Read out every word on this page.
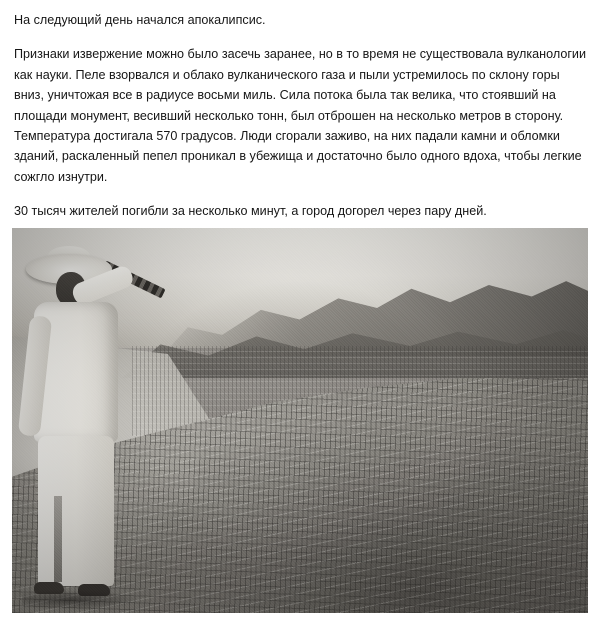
На следующий день начался апокалипсис.

Признаки извержение можно было засечь заранее, но в то время не существовала вулканологии как науки. Пеле взорвался и облако вулканического газа и пыли устремилось по склону горы вниз, уничтожая все в радиусе восьми миль. Сила потока была так велика, что стоявший на площади монумент, весивший несколько тонн, был отброшен на несколько метров в сторону. Температура достигала 570 градусов. Люди сгорали заживо, на них падали камни и обломки зданий, раскаленный пепел проникал в убежища и достаточно было одного вдоха, чтобы легкие сожгло изнутри.

30 тысяч жителей погибли за несколько минут, а город догорел через пару дней.
